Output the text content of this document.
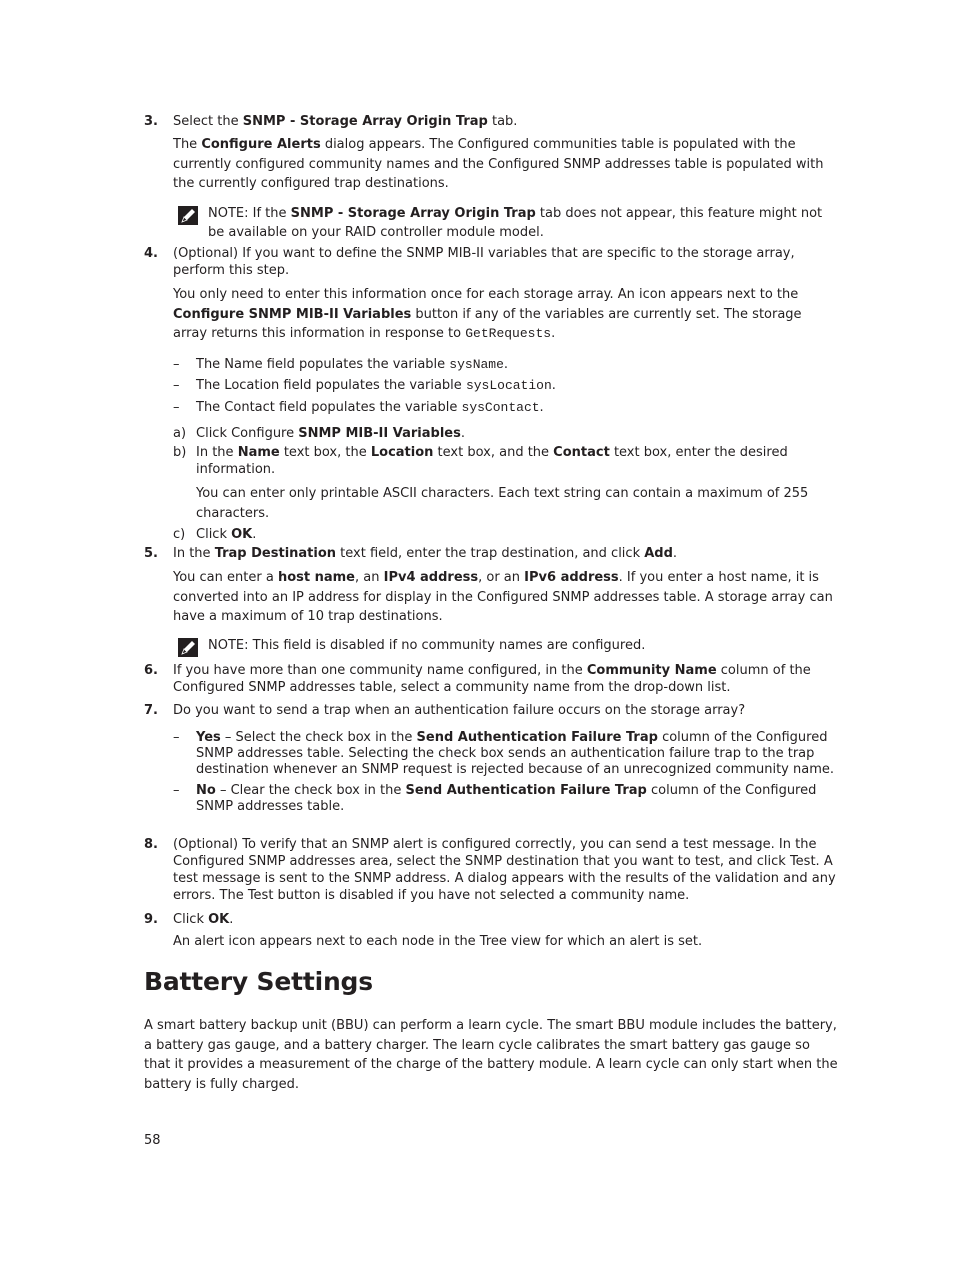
3. Select the SNMP - Storage Array Origin Trap tab.

The Configure Alerts dialog appears. The Configured communities table is populated with the currently configured community names and the Configured SNMP addresses table is populated with the currently configured trap destinations.

NOTE: If the SNMP - Storage Array Origin Trap tab does not appear, this feature might not be available on your RAID controller module model.

4. (Optional) If you want to define the SNMP MIB-II variables that are specific to the storage array, perform this step.

You only need to enter this information once for each storage array. An icon appears next to the Configure SNMP MIB-II Variables button if any of the variables are currently set. The storage array returns this information in response to GetRequests.

– The Name field populates the variable sysName.
– The Location field populates the variable sysLocation.
– The Contact field populates the variable sysContact.
a) Click Configure SNMP MIB-II Variables.
b) In the Name text box, the Location text box, and the Contact text box, enter the desired information.

You can enter only printable ASCII characters. Each text string can contain a maximum of 255 characters.

c) Click OK.
5. In the Trap Destination text field, enter the trap destination, and click Add.

You can enter a host name, an IPv4 address, or an IPv6 address. If you enter a host name, it is converted into an IP address for display in the Configured SNMP addresses table. A storage array can have a maximum of 10 trap destinations.

NOTE: This field is disabled if no community names are configured.

6. If you have more than one community name configured, in the Community Name column of the Configured SNMP addresses table, select a community name from the drop-down list.

7. Do you want to send a trap when an authentication failure occurs on the storage array?

– Yes – Select the check box in the Send Authentication Failure Trap column of the Configured SNMP addresses table. Selecting the check box sends an authentication failure trap to the trap destination whenever an SNMP request is rejected because of an unrecognized community name.
– No – Clear the check box in the Send Authentication Failure Trap column of the Configured SNMP addresses table.
8. (Optional) To verify that an SNMP alert is configured correctly, you can send a test message. In the Configured SNMP addresses area, select the SNMP destination that you want to test, and click Test. A test message is sent to the SNMP address. A dialog appears with the results of the validation and any errors. The Test button is disabled if you have not selected a community name.

9. Click OK.

An alert icon appears next to each node in the Tree view for which an alert is set.

Battery Settings

A smart battery backup unit (BBU) can perform a learn cycle. The smart BBU module includes the battery, a battery gas gauge, and a battery charger. The learn cycle calibrates the smart battery gas gauge so that it provides a measurement of the charge of the battery module. A learn cycle can only start when the battery is fully charged.

58
